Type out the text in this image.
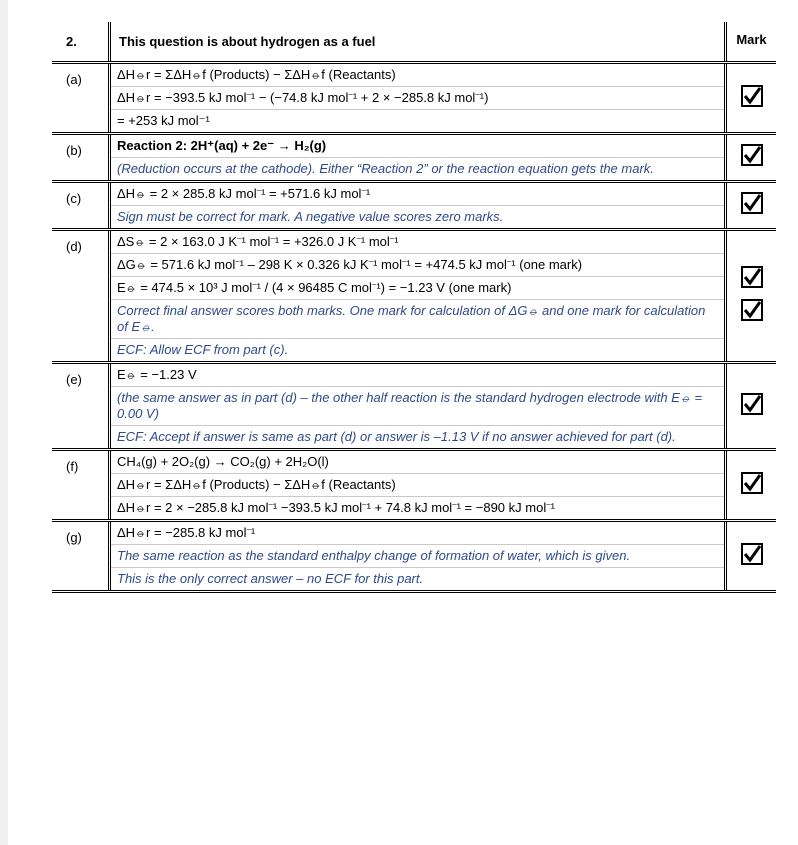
2.	This question is about hydrogen as a fuel	Mark
(a)	ΔH⦵r = ΣΔH⦵f (Products) − ΣΔH⦵f (Reactants)
ΔH⦵r = −393.5 kJ mol⁻¹ − (−74.8 kJ mol⁻¹ + 2 × −285.8 kJ mol⁻¹)
= +253 kJ mol⁻¹
(b)	Reaction 2: 2H⁺(aq) + 2e⁻ → H₂(g)
(Reduction occurs at the cathode). Either “Reaction 2” or the reaction equation gets the mark.
(c)	ΔH⦵ = 2 × 285.8 kJ mol⁻¹ = +571.6 kJ mol⁻¹
Sign must be correct for mark. A negative value scores zero marks.
(d)	ΔS⦵ = 2 × 163.0 J K⁻¹ mol⁻¹ = +326.0 J K⁻¹ mol⁻¹
ΔG⦵ = 571.6 kJ mol⁻¹ – 298 K × 0.326 kJ K⁻¹ mol⁻¹ = +474.5 kJ mol⁻¹ (one mark)
E⦵ = 474.5 × 10³ J mol⁻¹ / (4 × 96485 C mol⁻¹) = −1.23 V (one mark)
Correct final answer scores both marks. One mark for calculation of ΔG⦵ and one mark for calculation of E⦵.
ECF: Allow ECF from part (c).
(e)	E⦵ = −1.23 V
(the same answer as in part (d) – the other half reaction is the standard hydrogen electrode with E⦵ = 0.00 V)
ECF: Accept if answer is same as part (d) or answer is –1.13 V if no answer achieved for part (d).
(f)	CH₄(g) + 2O₂(g) → CO₂(g) + 2H₂O(l)
ΔH⦵r = ΣΔH⦵f (Products) − ΣΔH⦵f (Reactants)
ΔH⦵r = 2 × −285.8 kJ mol⁻¹ −393.5 kJ mol⁻¹ + 74.8 kJ mol⁻¹ = −890 kJ mol⁻¹
(g)	ΔH⦵r = −285.8 kJ mol⁻¹
The same reaction as the standard enthalpy change of formation of water, which is given.
This is the only correct answer – no ECF for this part.
